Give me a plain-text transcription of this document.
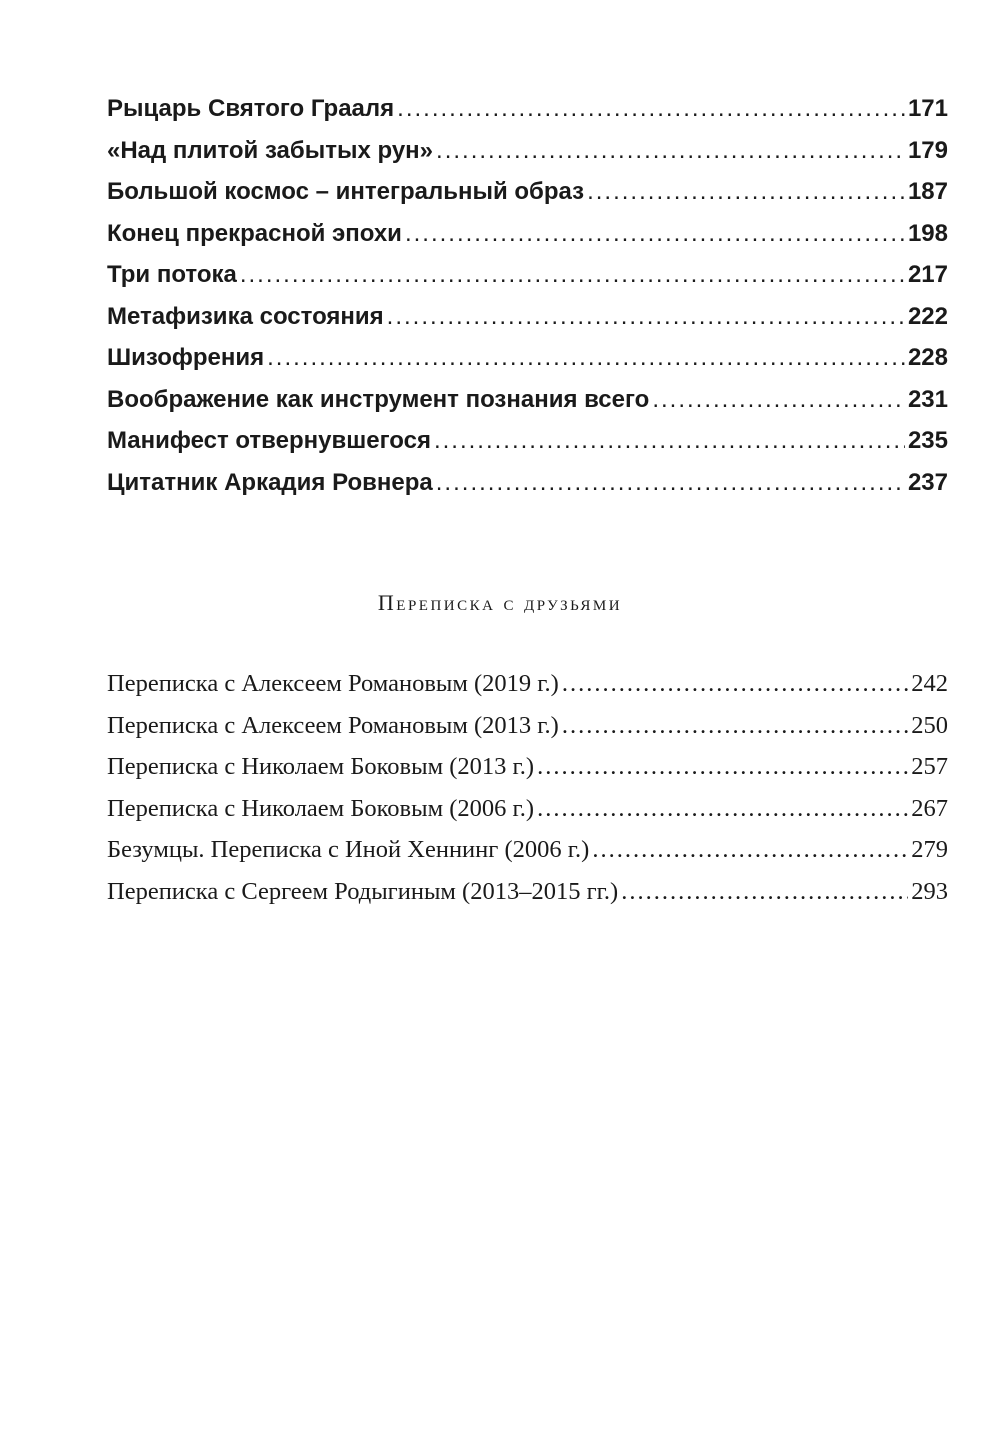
Рыцарь Святого Грааля .....	171
«Над плитой забытых рун» .....	179
Большой космос – интегральный образ .....	187
Конец прекрасной эпохи .....	198
Три потока .....	217
Метафизика состояния .....	222
Шизофрения .....	228
Воображение как инструмент познания всего .....	231
Манифест отвернувшегося .....	235
Цитатник Аркадия Ровнера .....	237
Переписка с друзьями
Переписка с Алексеем Романовым (2019 г.) .....	242
Переписка с Алексеем Романовым (2013 г.) .....	250
Переписка с Николаем Боковым (2013 г.) .....	257
Переписка с Николаем Боковым (2006 г.) .....	267
Безумцы. Переписка с Иной Хеннинг (2006 г.) .....	279
Переписка с Сергеем Родыгиным (2013–2015 гг.) .....	293
